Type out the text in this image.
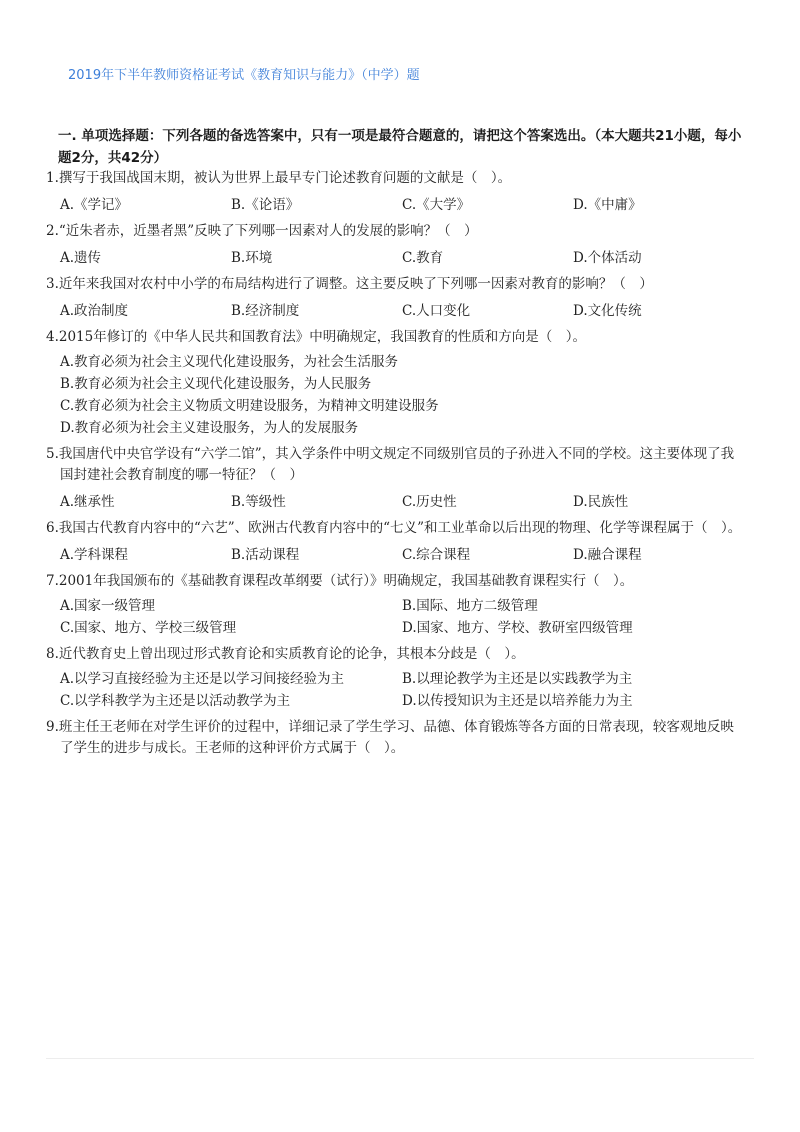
2019年下半年教师资格证考试《教育知识与能力》（中学）题
一. 单项选择题：下列各题的备选答案中，只有一项是最符合题意的，请把这个答案选出。（本大题共21小题，每小题2分，共42分）
1.撰写于我国战国末期，被认为世界上最早专门论述教育问题的文献是（　）。
A.《学记》	B.《论语》	C.《大学》	D.《中庸》
2.“近朱者赤，近墨者黑”反映了下列哪一因素对人的发展的影响？（　）
A.遗传	B.环境	C.教育	D.个体活动
3.近年来我国对农村中小学的布局结构进行了调整。这主要反映了下列哪一因素对教育的影响？（　）
A.政治制度	B.经济制度	C.人口变化	D.文化传统
4.2015年修订的《中华人民共和国教育法》中明确规定，我国教育的性质和方向是（　）。
A.教育必须为社会主义现代化建设服务，为社会生活服务
B.教育必须为社会主义现代化建设服务，为人民服务
C.教育必须为社会主义物质文明建设服务，为精神文明建设服务
D.教育必须为社会主义建设服务，为人的发展服务
5.我国唐代中央官学设有“六学二馆”，其入学条件中明文规定不同级别官员的子孙进入不同的学校。这主要体现了我国封建社会教育制度的哪一特征？（　）
A.继承性	B.等级性	C.历史性	D.民族性
6.我国古代教育内容中的“六艺”、欧洲古代教育内容中的“七义”和工业革命以后出现的物理、化学等课程属于（　）。
A.学科课程	B.活动课程	C.综合课程	D.融合课程
7.2001年我国颁布的《基础教育课程改革纲要（试行）》明确规定，我国基础教育课程实行（　）。
A.国家一级管理	B.国际、地方二级管理
C.国家、地方、学校三级管理	D.国家、地方、学校、教研室四级管理
8.近代教育史上曾出现过形式教育论和实质教育论的论争，其根本分歧是（　）。
A.以学习直接经验为主还是以学习间接经验为主	B.以理论教学为主还是以实践教学为主
C.以学科教学为主还是以活动教学为主	D.以传授知识为主还是以培养能力为主
9.班主任王老师在对学生评价的过程中，详细记录了学生学习、品德、体育锻炼等各方面的日常表现，较客观地反映了学生的进步与成长。王老师的这种评价方式属于（　）。
